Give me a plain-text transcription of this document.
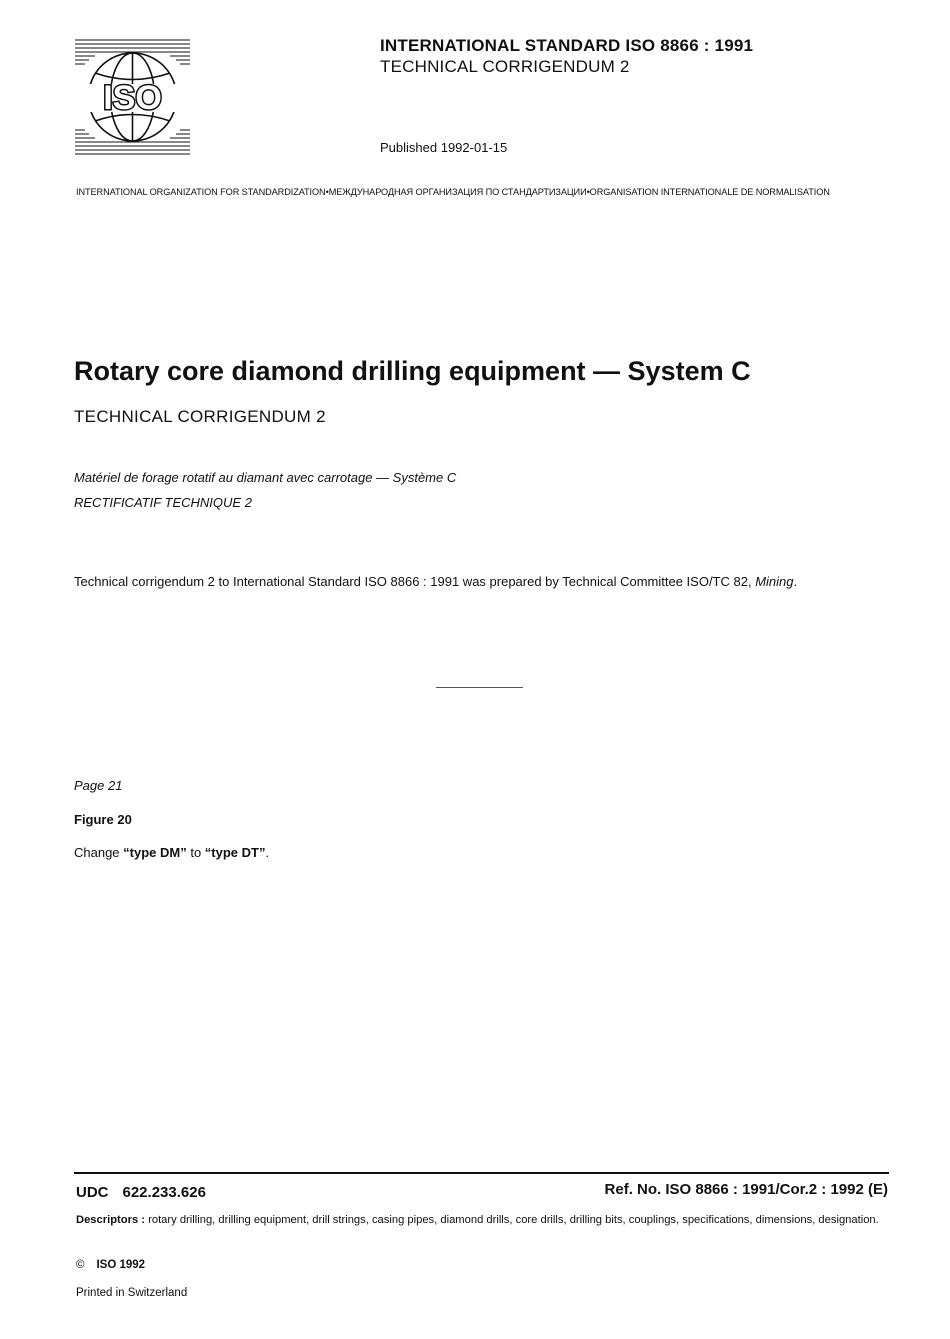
ISO
INTERNATIONAL STANDARD ISO 8866 : 1991
TECHNICAL CORRIGENDUM 2
Published 1992-01-15
INTERNATIONAL ORGANIZATION FOR STANDARDIZATION•МЕЖДУНАРОДНАЯ ОРГАНИЗАЦИЯ ПО СТАНДАРТИЗАЦИИ•ORGANISATION INTERNATIONALE DE NORMALISATION
Rotary core diamond drilling equipment — System C
TECHNICAL CORRIGENDUM 2
Matériel de forage rotatif au diamant avec carrotage — Système C
RECTIFICATIF TECHNIQUE 2
Technical corrigendum 2 to International Standard ISO 8866 : 1991 was prepared by Technical Committee ISO/TC 82, Mining.
Page 21
Figure 20
Change “type DM” to “type DT”.
UDC 622.233.626	Ref. No. ISO 8866 : 1991/Cor.2 : 1992 (E)
Descriptors : rotary drilling, drilling equipment, drill strings, casing pipes, diamond drills, core drills, drilling bits, couplings, specifications, dimensions, designation.
© ISO 1992
Printed in Switzerland
